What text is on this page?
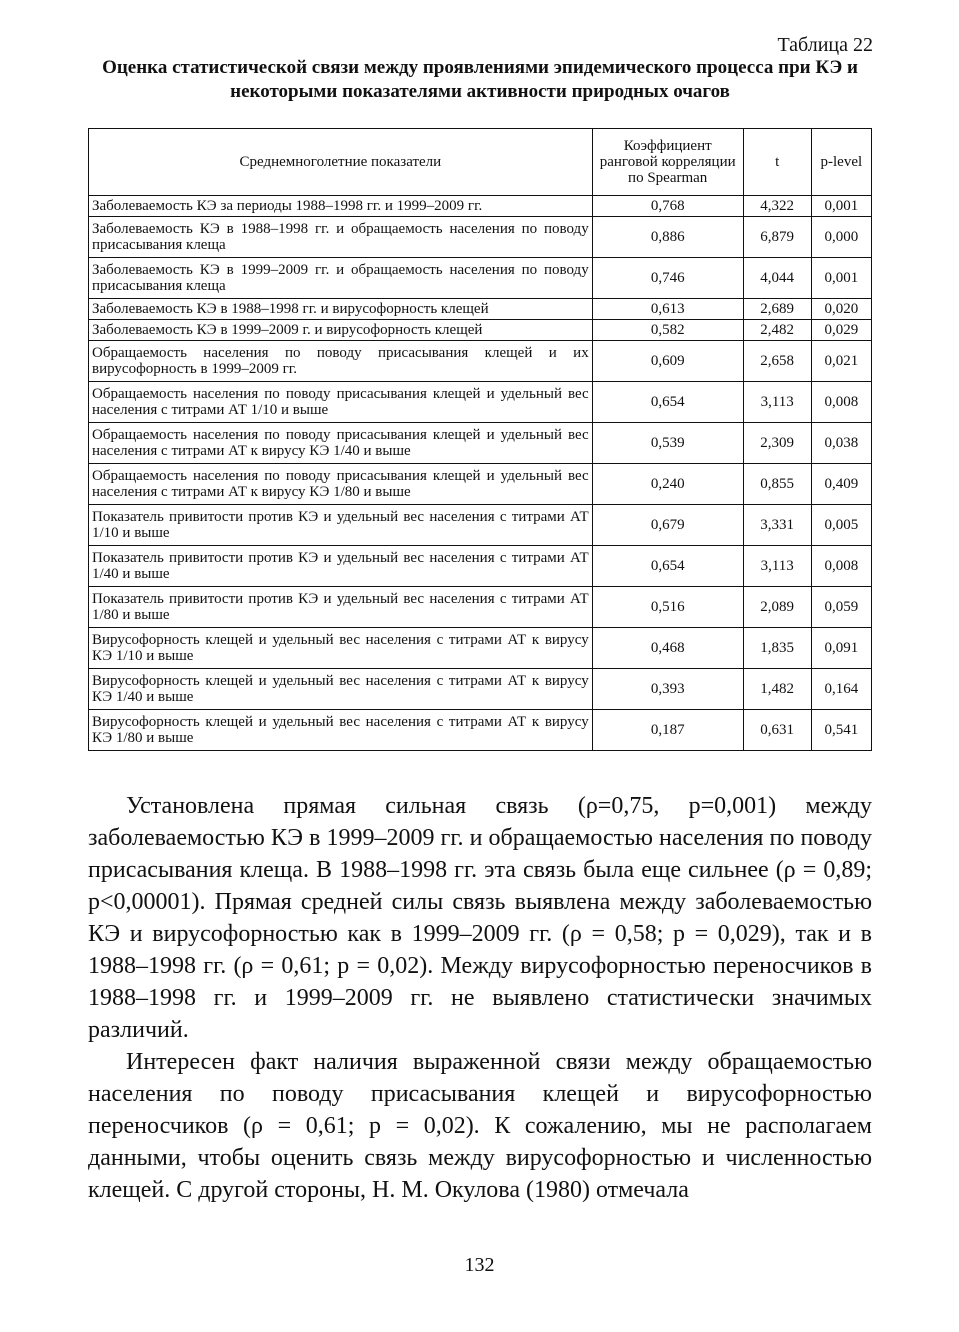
Таблица 22
Оценка статистической связи между проявлениями эпидемического процесса при КЭ и некоторыми показателями активности природных очагов
Среднемноголетние показатели	Коэффициент ранговой корреляции по Spearman	t	p-level
Заболеваемость КЭ за периоды 1988–1998 гг. и 1999–2009 гг.	0,768	4,322	0,001
Заболеваемость КЭ в 1988–1998 гг. и обращаемость населения по поводу присасывания клеща	0,886	6,879	0,000
Заболеваемость КЭ в 1999–2009 гг. и обращаемость населения по поводу присасывания клеща	0,746	4,044	0,001
Заболеваемость КЭ в 1988–1998 гг. и вирусофорность клещей	0,613	2,689	0,020
Заболеваемость КЭ в 1999–2009 г. и вирусофорность клещей	0,582	2,482	0,029
Обращаемость населения по поводу присасывания клещей и их вирусофорность в 1999–2009 гг.	0,609	2,658	0,021
Обращаемость населения по поводу присасывания клещей и удельный вес населения с титрами АТ 1/10 и выше	0,654	3,113	0,008
Обращаемость населения по поводу присасывания клещей и удельный вес населения с титрами АТ к вирусу КЭ 1/40 и выше	0,539	2,309	0,038
Обращаемость населения по поводу присасывания клещей и удельный вес населения с титрами АТ к вирусу КЭ 1/80 и выше	0,240	0,855	0,409
Показатель привитости против КЭ и удельный вес населения с титрами АТ 1/10 и выше	0,679	3,331	0,005
Показатель привитости против КЭ и удельный вес населения с титрами АТ 1/40 и выше	0,654	3,113	0,008
Показатель привитости против КЭ и удельный вес населения с титрами АТ 1/80 и выше	0,516	2,089	0,059
Вирусофорность клещей и удельный вес населения с титрами АТ к вирусу КЭ 1/10 и выше	0,468	1,835	0,091
Вирусофорность клещей и удельный вес населения с титрами АТ к вирусу КЭ 1/40 и выше	0,393	1,482	0,164
Вирусофорность клещей и удельный вес населения с титрами АТ к вирусу КЭ 1/80 и выше	0,187	0,631	0,541

Установлена прямая сильная связь (ρ=0,75, p=0,001) между заболеваемостью КЭ в 1999–2009 гг. и обращаемостью населения по поводу присасывания клеща. В 1988–1998 гг. эта связь была еще сильнее (ρ = 0,89; p<0,00001). Прямая средней силы связь выявлена между заболеваемостью КЭ и вирусофорностью как в 1999–2009 гг. (ρ = 0,58; p = 0,029), так и в 1988–1998 гг. (ρ = 0,61; p = 0,02). Между вирусофорностью переносчиков в 1988–1998 гг. и 1999–2009 гг. не выявлено статистически значимых различий.

Интересен факт наличия выраженной связи между обращаемостью населения по поводу присасывания клещей и вирусофорностью переносчиков (ρ = 0,61; p = 0,02). К сожалению, мы не располагаем данными, чтобы оценить связь между вирусофорностью и численностью клещей. С другой стороны, Н. М. Окулова (1980) отмечала

132
